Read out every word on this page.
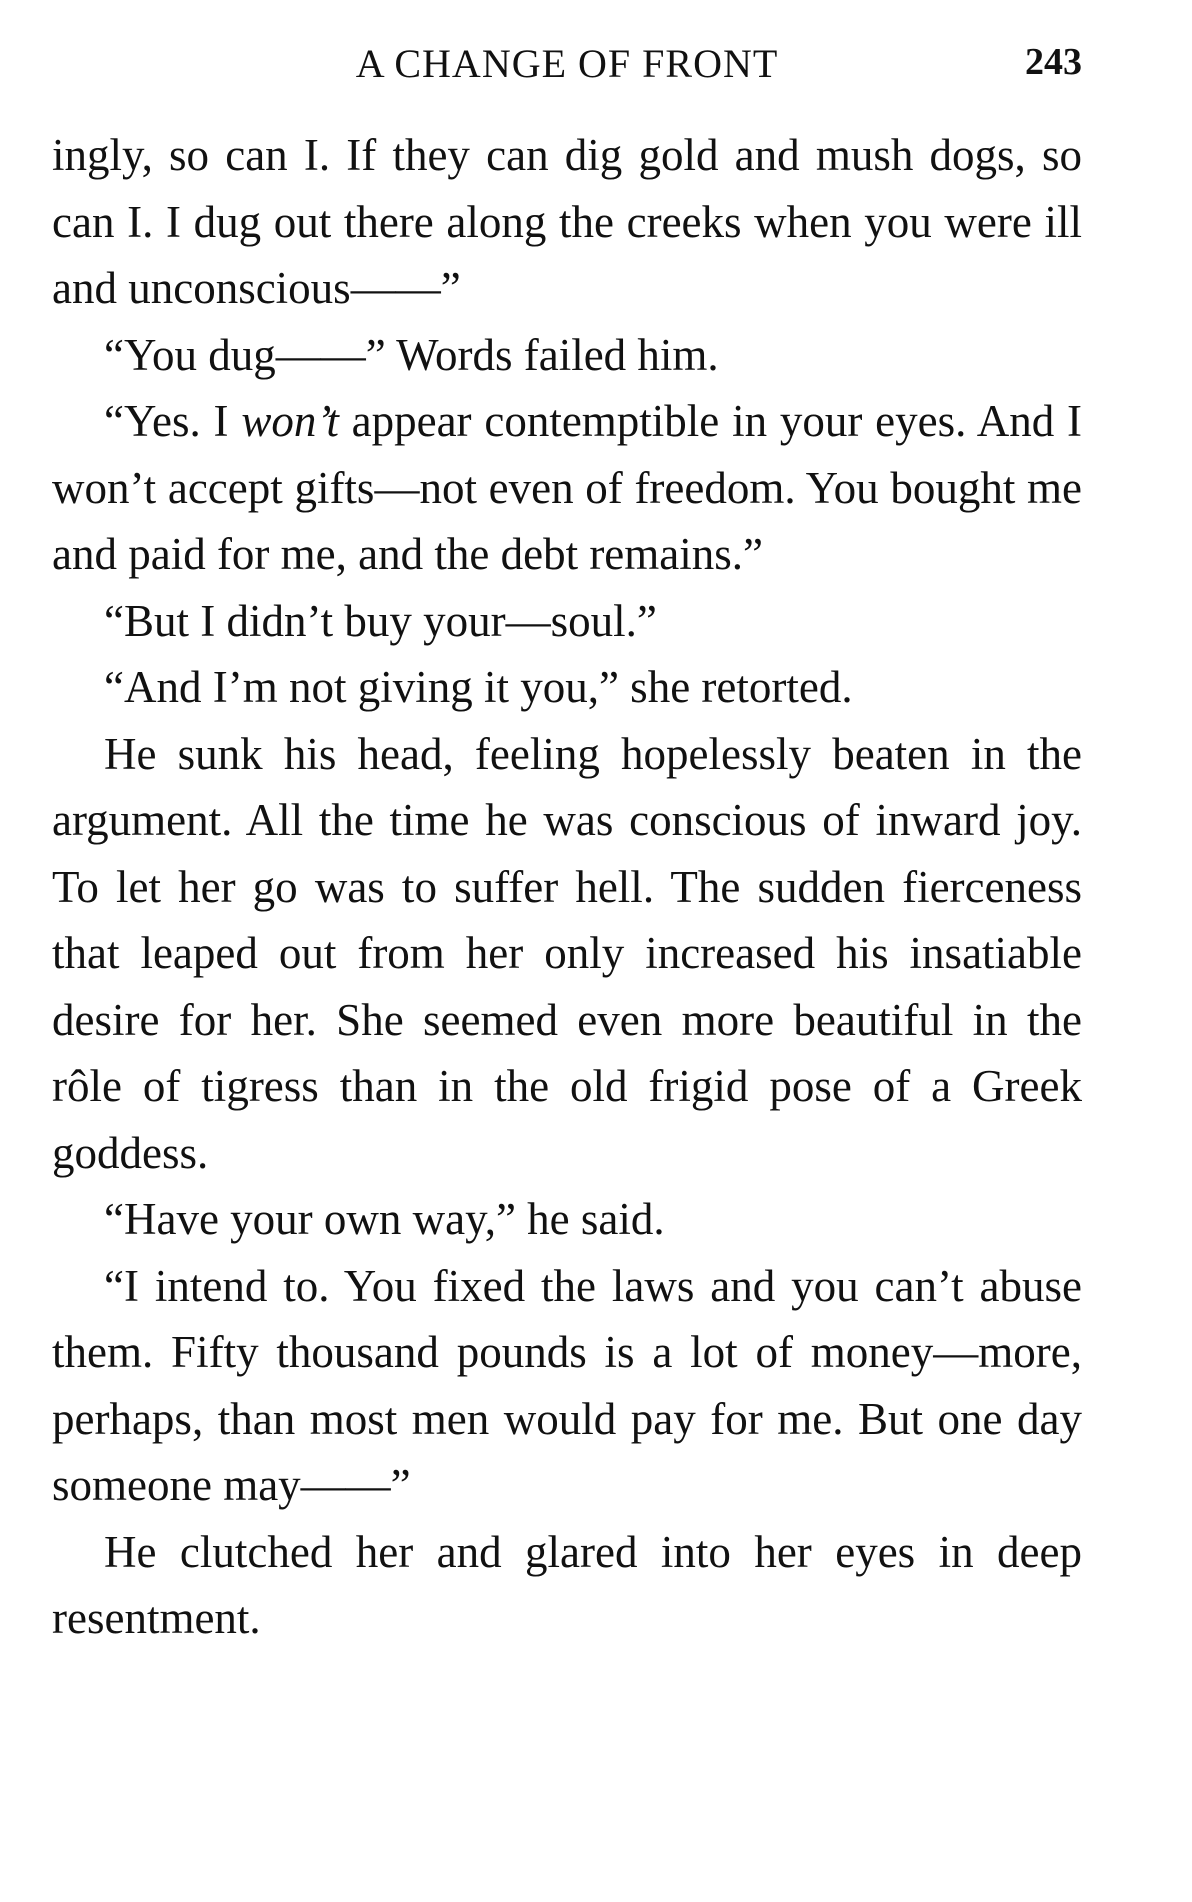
A CHANGE OF FRONT	243

ingly, so can I. If they can dig gold and mush dogs, so can I. I dug out there along the creeks when you were ill and unconscious——”

“You dug——” Words failed him.

“Yes. I won’t appear contemptible in your eyes. And I won’t accept gifts—not even of freedom. You bought me and paid for me, and the debt remains.”

“But I didn’t buy your—soul.”

“And I’m not giving it you,” she retorted.

He sunk his head, feeling hopelessly beaten in the argument. All the time he was conscious of inward joy. To let her go was to suffer hell. The sudden fierceness that leaped out from her only increased his insatiable desire for her. She seemed even more beautiful in the rôle of tigress than in the old frigid pose of a Greek goddess.

“Have your own way,” he said.

“I intend to. You fixed the laws and you can’t abuse them. Fifty thousand pounds is a lot of money—more, perhaps, than most men would pay for me. But one day someone may——”

He clutched her and glared into her eyes in deep resentment.
